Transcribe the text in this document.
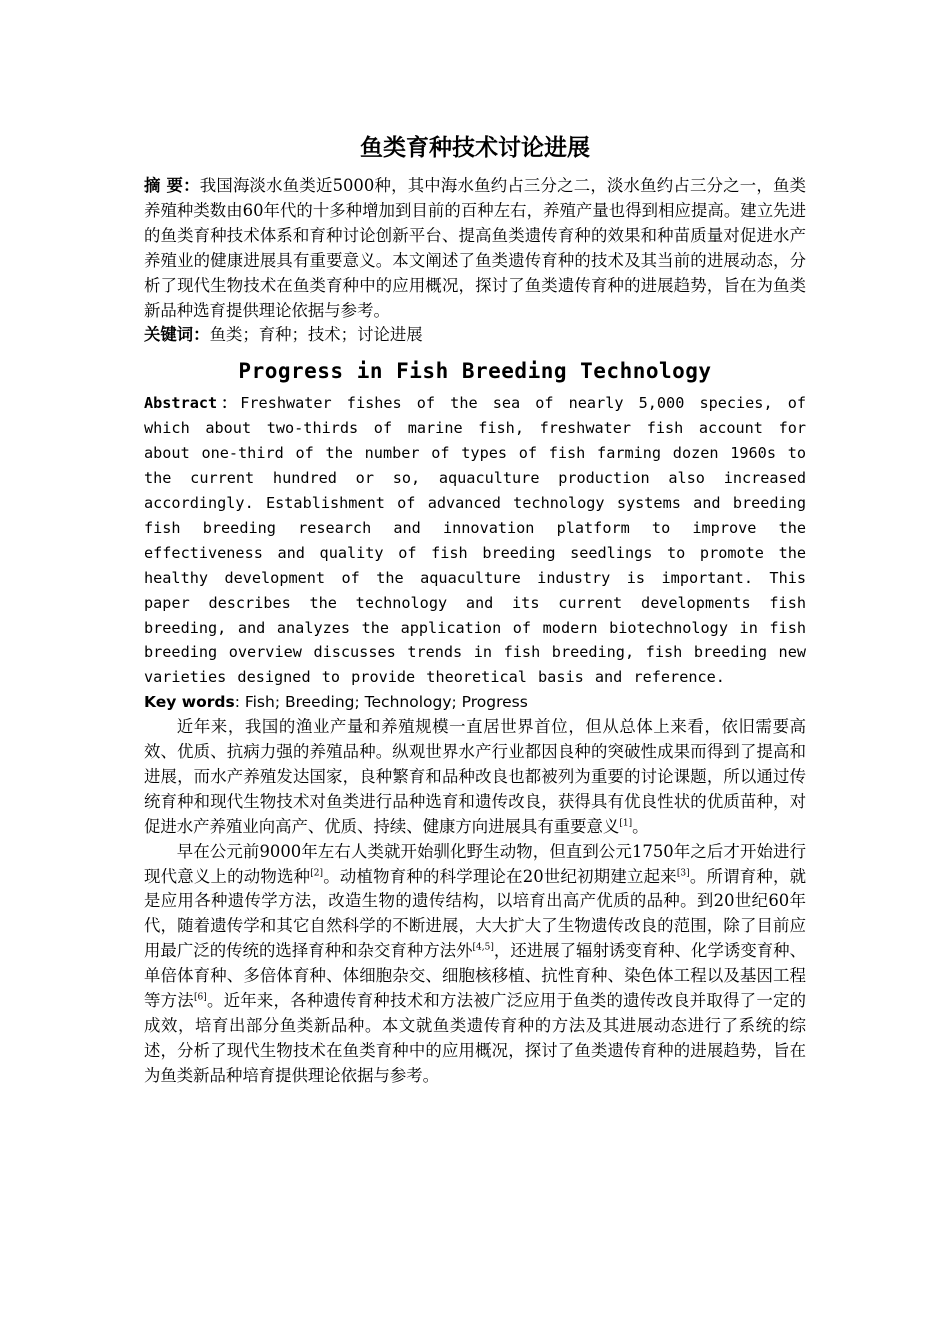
鱼类育种技术讨论进展

摘 要：我国海淡水鱼类近5000种，其中海水鱼约占三分之二，淡水鱼约占三分之一，鱼类养殖种类数由60年代的十多种增加到目前的百种左右，养殖产量也得到相应提高。建立先进的鱼类育种技术体系和育种讨论创新平台、提高鱼类遗传育种的效果和种苗质量对促进水产养殖业的健康进展具有重要意义。本文阐述了鱼类遗传育种的技术及其当前的进展动态，分析了现代生物技术在鱼类育种中的应用概况，探讨了鱼类遗传育种的进展趋势，旨在为鱼类新品种选育提供理论依据与参考。

关键词：鱼类；育种；技术；讨论进展

Progress in Fish Breeding Technology

Abstract：Freshwater fishes of the sea of nearly 5,000 species, of which about two-thirds of marine fish, freshwater fish account for about one-third of the number of types of fish farming dozen 1960s to the current hundred or so, aquaculture production also increased accordingly. Establishment of advanced technology systems and breeding fish breeding research and innovation platform to improve the effectiveness and quality of fish breeding seedlings to promote the healthy development of the aquaculture industry is important. This paper describes the technology and its current developments fish breeding, and analyzes the application of modern biotechnology in fish breeding overview discusses trends in fish breeding, fish breeding new varieties designed to provide theoretical basis and reference.

Key words: Fish; Breeding; Technology; Progress

近年来，我国的渔业产量和养殖规模一直居世界首位，但从总体上来看，依旧需要高效、优质、抗病力强的养殖品种。纵观世界水产行业都因良种的突破性成果而得到了提高和进展，而水产养殖发达国家，良种繁育和品种改良也都被列为重要的讨论课题，所以通过传统育种和现代生物技术对鱼类进行品种选育和遗传改良，获得具有优良性状的优质苗种，对促进水产养殖业向高产、优质、持续、健康方向进展具有重要意义[1]。

早在公元前9000年左右人类就开始驯化野生动物，但直到公元1750年之后才开始进行现代意义上的动物选种[2]。动植物育种的科学理论在20世纪初期建立起来[3]。所谓育种，就是应用各种遗传学方法，改造生物的遗传结构，以培育出高产优质的品种。到20世纪60年代，随着遗传学和其它自然科学的不断进展，大大扩大了生物遗传改良的范围，除了目前应用最广泛的传统的选择育种和杂交育种方法外[4,5]，还进展了辐射诱变育种、化学诱变育种、单倍体育种、多倍体育种、体细胞杂交、细胞核移植、抗性育种、染色体工程以及基因工程等方法[6]。近年来，各种遗传育种技术和方法被广泛应用于鱼类的遗传改良并取得了一定的成效，培育出部分鱼类新品种。本文就鱼类遗传育种的方法及其进展动态进行了系统的综述，分析了现代生物技术在鱼类育种中的应用概况，探讨了鱼类遗传育种的进展趋势，旨在为鱼类新品种培育提供理论依据与参考。
